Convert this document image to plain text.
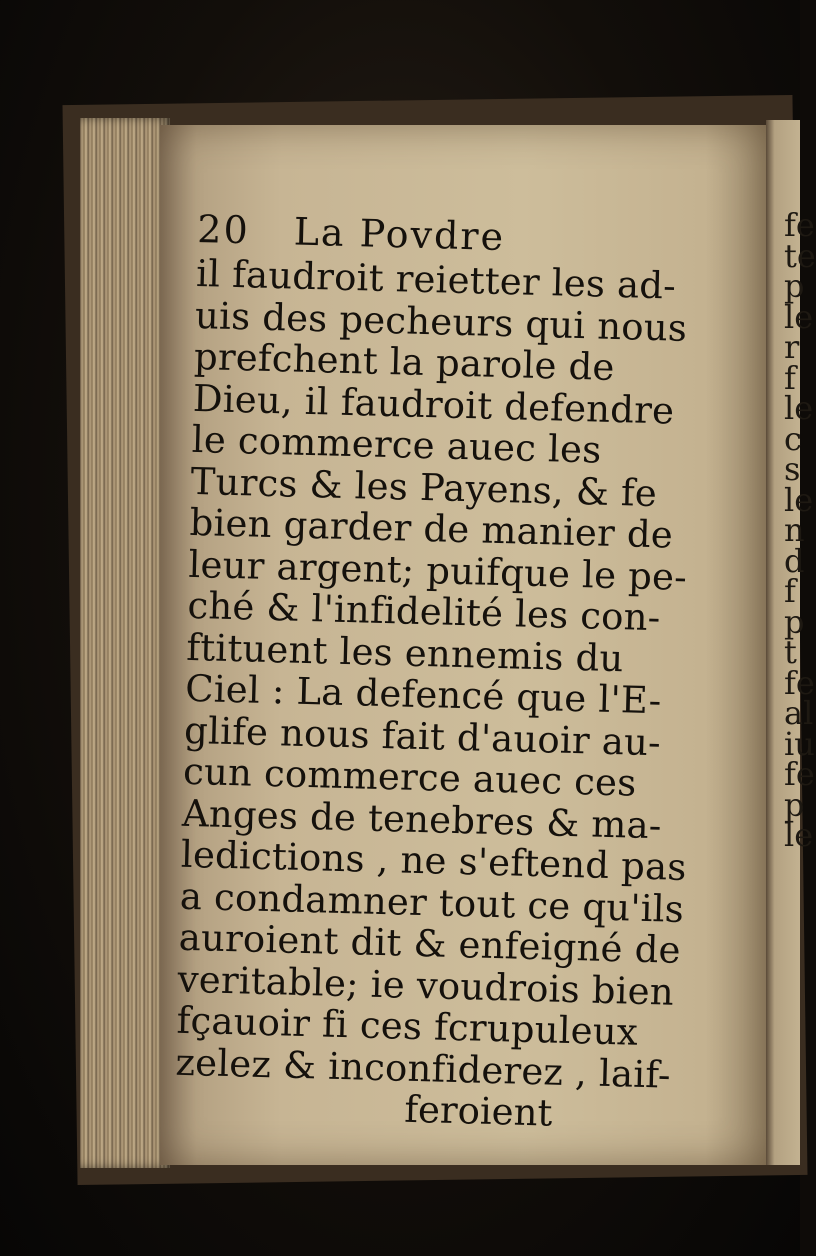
fe
te
p
le
r
f
le
c
s
le
n
d
f
p
t
fe
al
iu
fe
p
le
20 La Povdre
il faudroit reietter les ad-
uis des pecheurs qui nous
prefchent la parole de
Dieu, il faudroit defendre
le commerce auec les
Turcs & les Payens, & fe
bien garder de manier de
leur argent; puifque le pe-
ché & l'infidelité les con-
ftituent les ennemis du
Ciel : La defencé que l'E-
glife nous fait d'auoir au-
cun commerce auec ces
Anges de tenebres & ma-
ledictions , ne s'eftend pas
a condamner tout ce qu'ils
auroient dit & enfeigné de
veritable; ie voudrois bien
fçauoir fi ces fcrupuleux
zelez & inconfiderez , laif-
feroient
